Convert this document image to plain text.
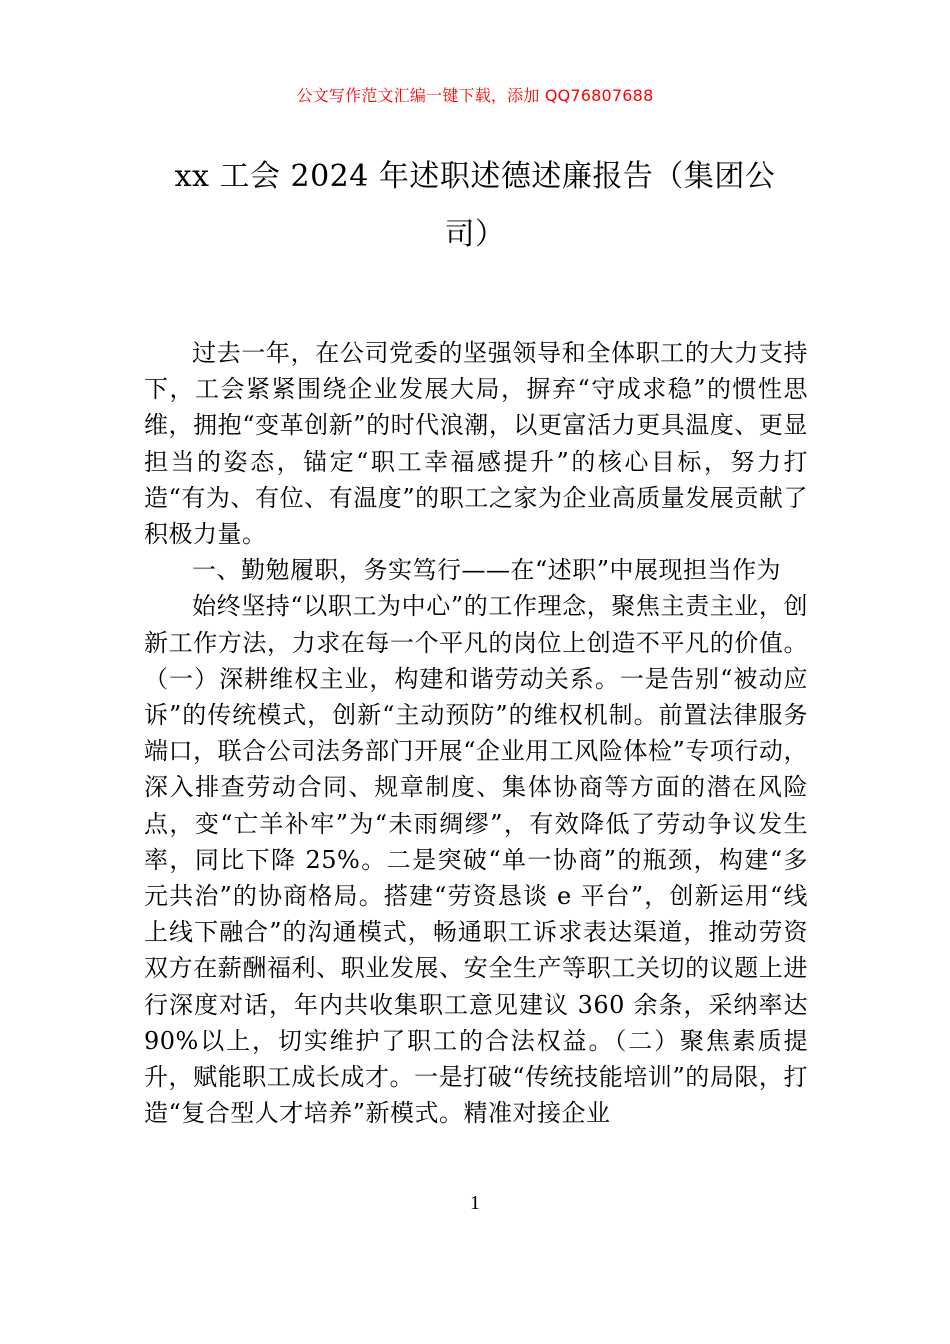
公文写作范文汇编一键下载，添加 QQ76807688
xx 工会 2024 年述职述德述廉报告（集团公
司）

过去一年，在公司党委的坚强领导和全体职工的大力支持下，工会紧紧围绕企业发展大局，摒弃“守成求稳”的惯性思维，拥抱“变革创新”的时代浪潮，以更富活力更具温度、更显担当的姿态，锚定“职工幸福感提升”的核心目标，努力打造“有为、有位、有温度”的职工之家为企业高质量发展贡献了积极力量。

一、勤勉履职，务实笃行——在“述职”中展现担当作为

始终坚持“以职工为中心”的工作理念，聚焦主责主业，创新工作方法，力求在每一个平凡的岗位上创造不平凡的价值。（一）深耕维权主业，构建和谐劳动关系。一是告别“被动应诉”的传统模式，创新“主动预防”的维权机制。前置法律服务端口，联合公司法务部门开展“企业用工风险体检”专项行动，深入排查劳动合同、规章制度、集体协商等方面的潜在风险点，变“亡羊补牢”为“未雨绸缪”，有效降低了劳动争议发生率，同比下降 25%。二是突破“单一协商”的瓶颈，构建“多元共治”的协商格局。搭建“劳资恳谈 e 平台”，创新运用“线上线下融合”的沟通模式，畅通职工诉求表达渠道，推动劳资双方在薪酬福利、职业发展、安全生产等职工关切的议题上进行深度对话，年内共收集职工意见建议 360 余条，采纳率达 90%以上，切实维护了职工的合法权益。（二）聚焦素质提升，赋能职工成长成才。一是打破“传统技能培训”的局限，打造“复合型人才培养”新模式。精准对接企业

1
